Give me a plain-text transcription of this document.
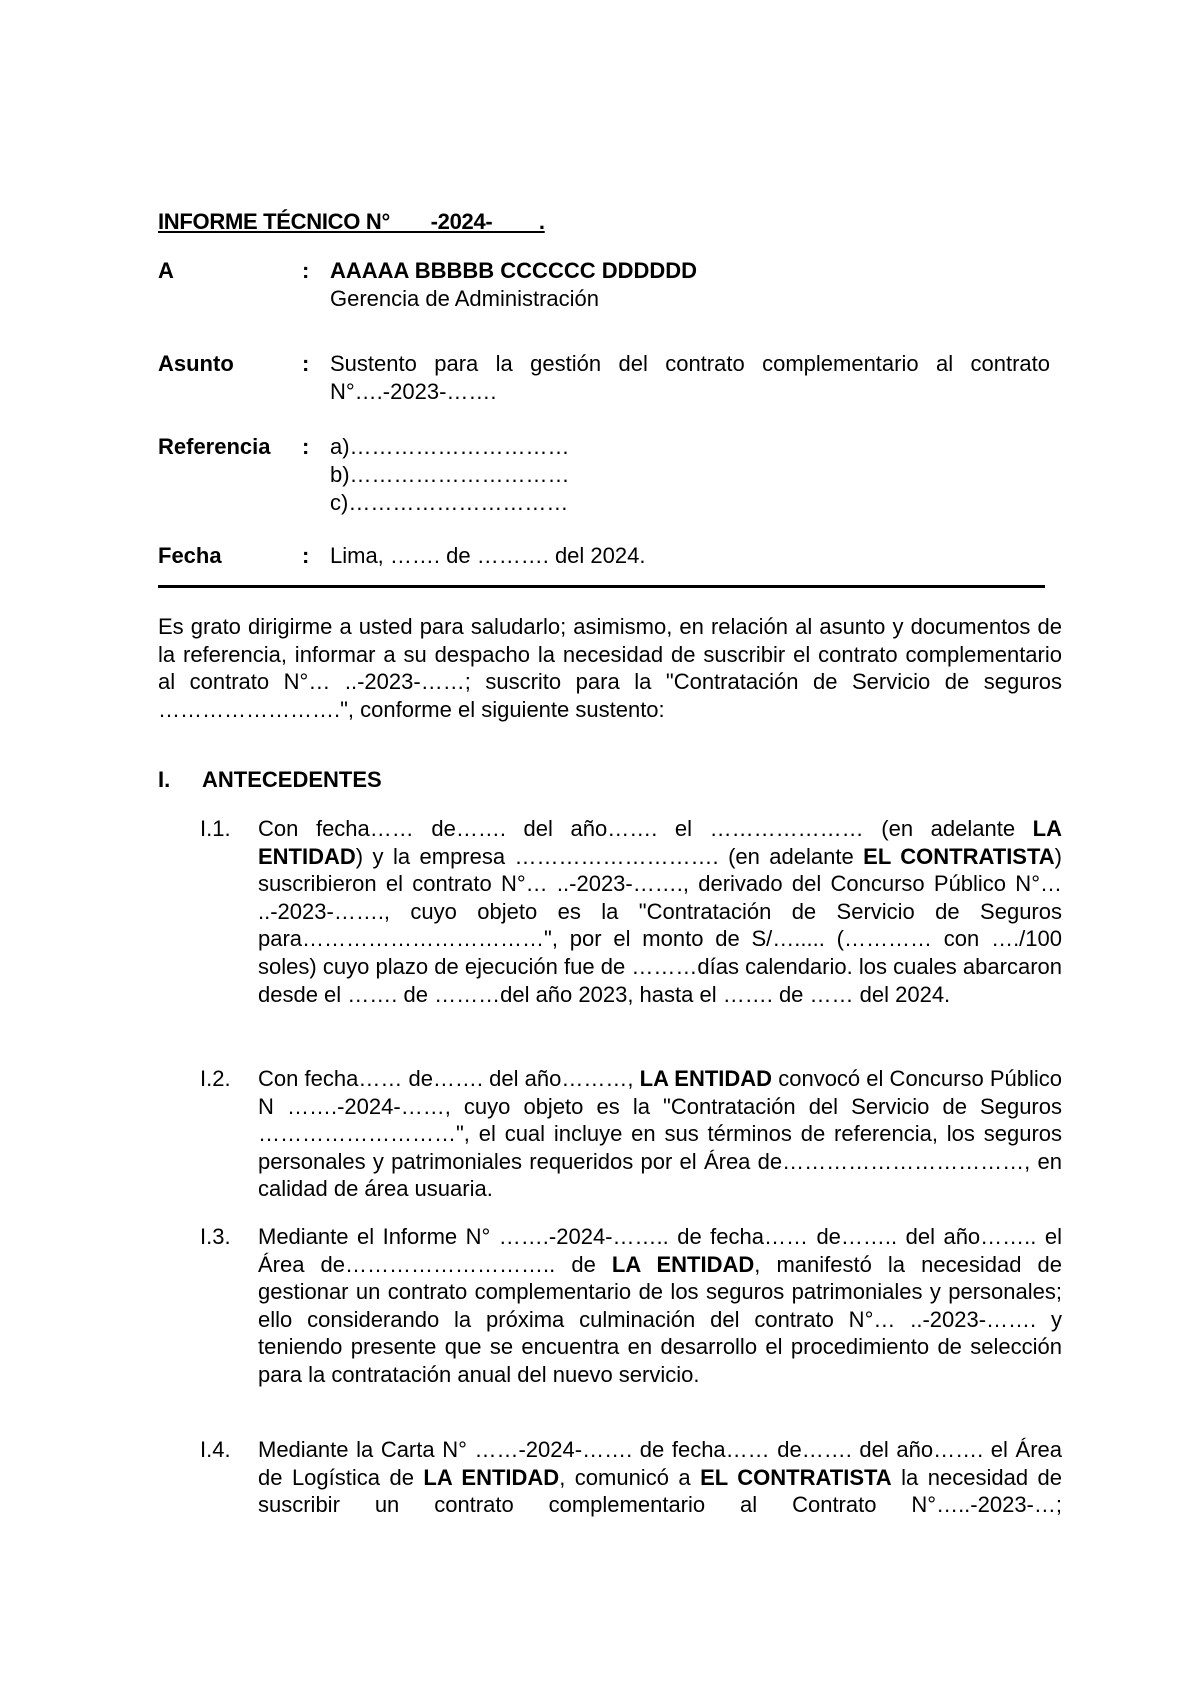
INFORME TÉCNICO N°       -2024-        .
A	: AAAAA BBBBB CCCCCC DDDDDD
Gerencia de Administración
Asunto	: Sustento para la gestión del contrato complementario al contrato N°….-2023-…….
Referencia : a)…………………………
b)…………………………
c)…………………………
Fecha	: Lima, ……. de ………. del 2024.
Es grato dirigirme a usted para saludarlo; asimismo, en relación al asunto y documentos de la referencia, informar a su despacho la necesidad de suscribir el contrato complementario al contrato N°… ..-2023-……; suscrito para la "Contratación de Servicio de seguros …………………….", conforme el siguiente sustento:
I. ANTECEDENTES
I.1. Con fecha…… de……. del año……. el ………………… (en adelante LA ENTIDAD) y la empresa ………………………. (en adelante EL CONTRATISTA) suscribieron el contrato N°… ..-2023-……., derivado del Concurso Público N°… ..-2023-……., cuyo objeto es la "Contratación de Servicio de Seguros para……………………………", por el monto de S/…..... (………… con …./100 soles) cuyo plazo de ejecución fue de ………días calendario. los cuales abarcaron desde el ……. de ………del año 2023, hasta el ……. de …… del 2024.
I.2. Con fecha…… de……. del año………, LA ENTIDAD convocó el Concurso Público N …….-2024-……, cuyo objeto es la "Contratación del Servicio de Seguros ………………………", el cual incluye en sus términos de referencia, los seguros personales y patrimoniales requeridos por el Área de……………………………, en calidad de área usuaria.
I.3. Mediante el Informe N° …….-2024-…….. de fecha…… de…….. del año…….. el Área de……………………….. de LA ENTIDAD, manifestó la necesidad de gestionar un contrato complementario de los seguros patrimoniales y personales; ello considerando la próxima culminación del contrato N°… ..-2023-……. y teniendo presente que se encuentra en desarrollo el procedimiento de selección para la contratación anual del nuevo servicio.
I.4. Mediante la Carta N° ……-2024-……. de fecha…… de……. del año……. el Área de Logística de LA ENTIDAD, comunicó a EL CONTRATISTA la necesidad de suscribir un contrato complementario al Contrato N°…..-2023-…;
